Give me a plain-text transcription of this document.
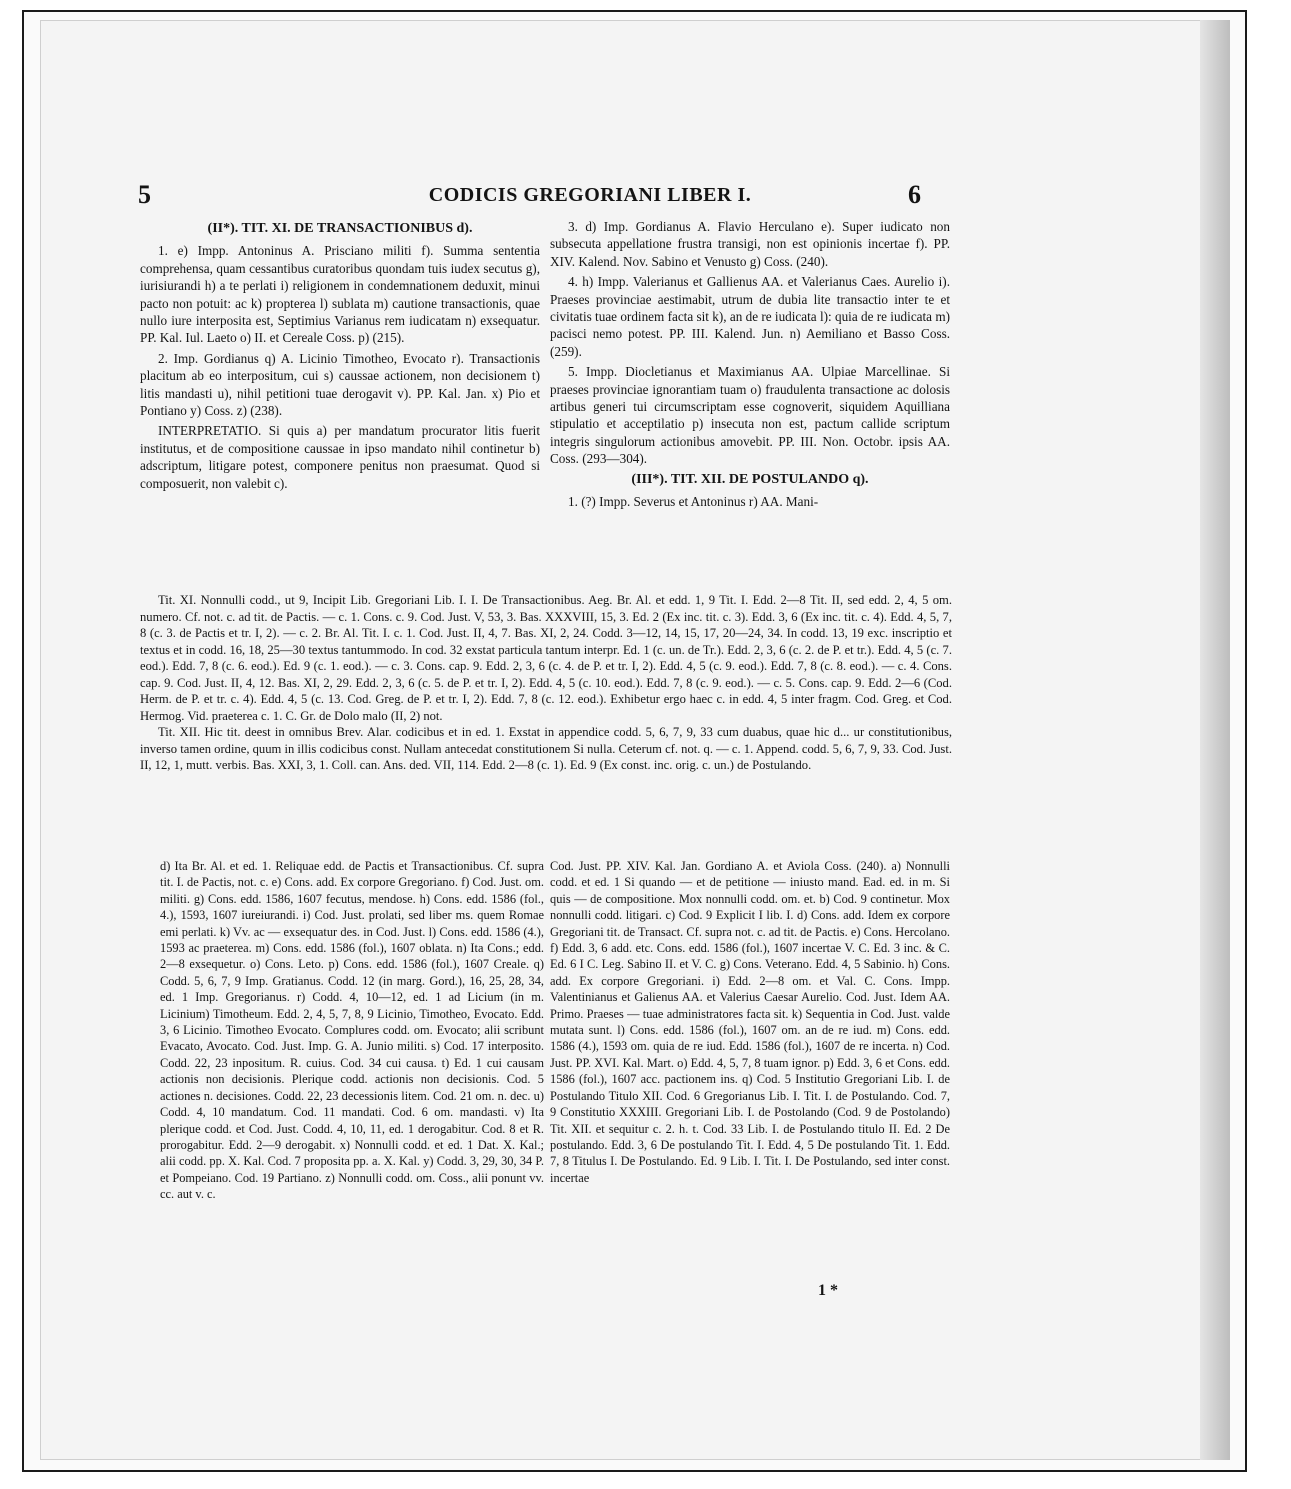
5	CODICIS GREGORIANI LIBER I.	6

(II*). TIT. XI. DE TRANSACTIONIBUS d).

1. e) Impp. Antoninus A. Prisciano militi f). Summa sententia comprehensa, quam cessantibus curatoribus quondam tuis iudex secutus g), iurisiurandi h) a te perlati i) religionem in condemnationem deduxit, minui pacto non potuit: ac k) propterea l) sublata m) cautione transactionis, quae nullo iure interposita est, Septimius Varianus rem iudicatam n) exsequatur. PP. Kal. Iul. Laeto o) II. et Cereale Coss. p) (215).

2. Imp. Gordianus q) A. Licinio Timotheo, Evocato r). Transactionis placitum ab eo interpositum, cui s) caussae actionem, non decisionem t) litis mandasti u), nihil petitioni tuae derogavit v). PP. Kal. Jan. x) Pio et Pontiano y) Coss. z) (238).

INTERPRETATIO. Si quis a) per mandatum procurator litis fuerit institutus, et de compositione caussae in ipso mandato nihil continetur b) adscriptum, litigare potest, componere penitus non praesumat. Quod si composuerit, non valebit c).

3. d) Imp. Gordianus A. Flavio Herculano e). Super iudicato non subsecuta appellatione frustra transigi, non est opinionis incertae f). PP. XIV. Kalend. Nov. Sabino et Venusto g) Coss. (240).

4. h) Impp. Valerianus et Gallienus AA. et Valerianus Caes. Aurelio i). Praeses provinciae aestimabit, utrum de dubia lite transactio inter te et civitatis tuae ordinem facta sit k), an de re iudicata l): quia de re iudicata m) pacisci nemo potest. PP. III. Kalend. Jun. n) Aemiliano et Basso Coss. (259).

5. Impp. Diocletianus et Maximianus AA. Ulpiae Marcellinae. Si praeses provinciae ignorantiam tuam o) fraudulenta transactione ac dolosis artibus generi tui circumscriptam esse cognoverit, siquidem Aquilliana stipulatio et acceptilatio p) insecuta non est, pactum callide scriptum integris singulorum actionibus amovebit. PP. III. Non. Octobr. ipsis AA. Coss. (293—304).

(III*). TIT. XII. DE POSTULANDO q).

1. (?) Impp. Severus et Antoninus r) AA. Mani-

Tit. XI. Nonnulli codd., ut 9, Incipit Lib. Gregoriani Lib. I. I. De Transactionibus. Aeg. Br. Al. et edd. 1, 9 Tit. I. Edd. 2—8 Tit. II, sed edd. 2, 4, 5 om. numero. Cf. not. c. ad tit. de Pactis. — c. 1. Cons. c. 9. Cod. Just. V, 53, 3. Bas. XXXVIII, 15, 3. Ed. 2 (Ex inc. tit. c. 3). Edd. 3, 6 (Ex inc. tit. c. 4). Edd. 4, 5, 7, 8 (c. 3. de Pactis et tr. I, 2). — c. 2. Br. Al. Tit. I. c. 1. Cod. Just. II, 4, 7. Bas. XI, 2, 24. Codd. 3—12, 14, 15, 17, 20—24, 34. In codd. 13, 19 exc. inscriptio et textus et in codd. 16, 18, 25—30 textus tantummodo. In cod. 32 exstat particula tantum interpr. Ed. 1 (c. un. de Tr.). Edd. 2, 3, 6 (c. 2. de P. et tr.). Edd. 4, 5 (c. 7. eod.). Edd. 7, 8 (c. 6. eod.). Ed. 9 (c. 1. eod.). — c. 3. Cons. cap. 9. Edd. 2, 3, 6 (c. 4. de P. et tr. I, 2). Edd. 4, 5 (c. 9. eod.). Edd. 7, 8 (c. 8. eod.). — c. 4. Cons. cap. 9. Cod. Just. II, 4, 12. Bas. XI, 2, 29. Edd. 2, 3, 6 (c. 5. de P. et tr. I, 2). Edd. 4, 5 (c. 10. eod.). Edd. 7, 8 (c. 9. eod.). — c. 5. Cons. cap. 9. Edd. 2—6 (Cod. Herm. de P. et tr. c. 4). Edd. 4, 5 (c. 13. Cod. Greg. de P. et tr. I, 2). Edd. 7, 8 (c. 12. eod.). Exhibetur ergo haec c. in edd. 4, 5 inter fragm. Cod. Greg. et Cod. Hermog. Vid. praeterea c. 1. C. Gr. de Dolo malo (II, 2) not.

Tit. XII. Hic tit. deest in omnibus Brev. Alar. codicibus et in ed. 1. Exstat in appendice codd. 5, 6, 7, 9, 33 cum duabus, quae hic d... ur constitutionibus, inverso tamen ordine, quum in illis codicibus const. Nullam antecedat constitutionem Si nulla. Ceterum cf. not. q. — c. 1. Append. codd. 5, 6, 7, 9, 33. Cod. Just. II, 12, 1, mutt. verbis. Bas. XXI, 3, 1. Coll. can. Ans. ded. VII, 114. Edd. 2—8 (c. 1). Ed. 9 (Ex const. inc. orig. c. un.) de Postulando.

d) Ita Br. Al. et ed. 1. Reliquae edd. de Pactis et Transactionibus. Cf. supra tit. I. de Pactis, not. c. e) Cons. add. Ex corpore Gregoriano. f) Cod. Just. om. militi. g) Cons. edd. 1586, 1607 fecutus, mendose. h) Cons. edd. 1586 (fol., 4.), 1593, 1607 iureiurandi. i) Cod. Just. prolati, sed liber ms. quem Romae emi perlati. k) Vv. ac — exsequatur des. in Cod. Just. l) Cons. edd. 1586 (4.), 1593 ac praeterea. m) Cons. edd. 1586 (fol.), 1607 oblata. n) Ita Cons.; edd. 2—8 exsequetur. o) Cons. Leto. p) Cons. edd. 1586 (fol.), 1607 Creale. q) Codd. 5, 6, 7, 9 Imp. Gratianus. Codd. 12 (in marg. Gord.), 16, 25, 28, 34, ed. 1 Imp. Gregorianus. r) Codd. 4, 10—12, ed. 1 ad Licium (in m. Licinium) Timotheum. Edd. 2, 4, 5, 7, 8, 9 Licinio, Timotheo, Evocato. Edd. 3, 6 Licinio. Timotheo Evocato. Complures codd. om. Evocato; alii scribunt Evacato, Avocato. Cod. Just. Imp. G. A. Junio militi. s) Cod. 17 interposito. Codd. 22, 23 inpositum. R. cuius. Cod. 34 cui causa. t) Ed. 1 cui causam actionis non decisionis. Plerique codd. actionis non decisionis. Cod. 5 actiones n. decisiones. Codd. 22, 23 decessionis litem. Cod. 21 om. n. dec. u) Codd. 4, 10 mandatum. Cod. 11 mandati. Cod. 6 om. mandasti. v) Ita plerique codd. et Cod. Just. Codd. 4, 10, 11, ed. 1 derogabitur. Cod. 8 et R. prorogabitur. Edd. 2—9 derogabit. x) Nonnulli codd. et ed. 1 Dat. X. Kal.; alii codd. pp. X. Kal. Cod. 7 proposita pp. a. X. Kal. y) Codd. 3, 29, 30, 34 P. et Pompeiano. Cod. 19 Partiano. z) Nonnulli codd. om. Coss., alii ponunt vv. cc. aut v. c.
Cod. Just. PP. XIV. Kal. Jan. Gordiano A. et Aviola Coss. (240). a) Nonnulli codd. et ed. 1 Si quando — et de petitione — iniusto mand. Ead. ed. in m. Si quis — de compositione. Mox nonnulli codd. om. et. b) Cod. 9 continetur. Mox nonnulli codd. litigari. c) Cod. 9 Explicit I lib. I. d) Cons. add. Idem ex corpore Gregoriani tit. de Transact. Cf. supra not. c. ad tit. de Pactis. e) Cons. Hercolano. f) Edd. 3, 6 add. etc. Cons. edd. 1586 (fol.), 1607 incertae V. C. Ed. 3 inc. & C. Ed. 6 I C. Leg. Sabino II. et V. C. g) Cons. Veterano. Edd. 4, 5 Sabinio. h) Cons. add. Ex corpore Gregoriani. i) Edd. 2—8 om. et Val. C. Cons. Impp. Valentinianus et Galienus AA. et Valerius Caesar Aurelio. Cod. Just. Idem AA. Primo. Praeses — tuae administratores facta sit. k) Sequentia in Cod. Just. valde mutata sunt. l) Cons. edd. 1586 (fol.), 1607 om. an de re iud. m) Cons. edd. 1586 (4.), 1593 om. quia de re iud. Edd. 1586 (fol.), 1607 de re incerta. n) Cod. Just. PP. XVI. Kal. Mart. o) Edd. 4, 5, 7, 8 tuam ignor. p) Edd. 3, 6 et Cons. edd. 1586 (fol.), 1607 acc. pactionem ins. q) Cod. 5 Institutio Gregoriani Lib. I. de Postulando Titulo XII. Cod. 6 Gregorianus Lib. I. Tit. I. de Postulando. Cod. 7, 9 Constitutio XXXIII. Gregoriani Lib. I. de Postolando (Cod. 9 de Postolando) Tit. XII. et sequitur c. 2. h. t. Cod. 33 Lib. I. de Postulando titulo II. Ed. 2 De postulando. Edd. 3, 6 De postulando Tit. I. Edd. 4, 5 De postulando Tit. 1. Edd. 7, 8 Titulus I. De Postulando. Ed. 9 Lib. I. Tit. I. De Postulando, sed inter const. incertae
1 *
